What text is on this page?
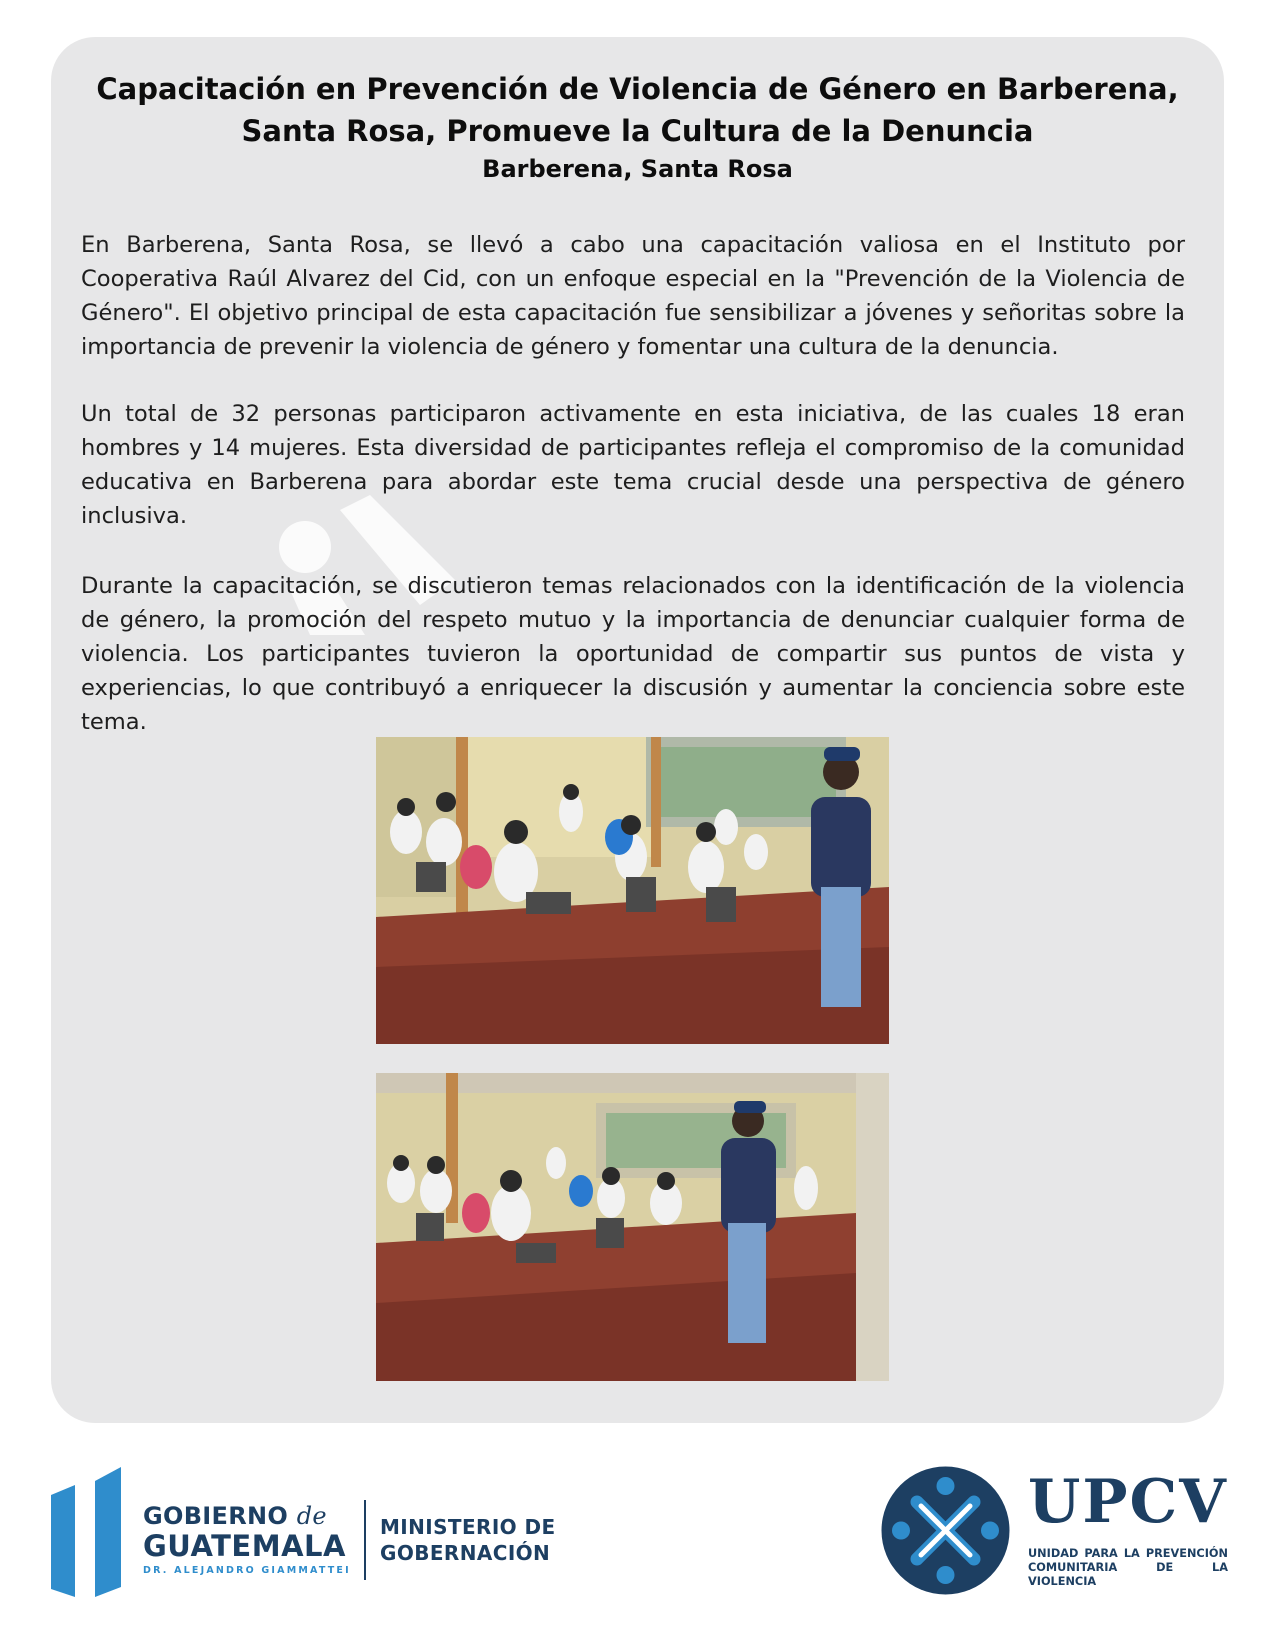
Capacitación en Prevención de Violencia de Género en Barberena, Santa Rosa, Promueve la Cultura de la Denuncia
Barberena, Santa Rosa

En Barberena, Santa Rosa, se llevó a cabo una capacitación valiosa en el Instituto por Cooperativa Raúl Alvarez del Cid, con un enfoque especial en la "Prevención de la Violencia de Género". El objetivo principal de esta capacitación fue sensibilizar a jóvenes y señoritas sobre la importancia de prevenir la violencia de género y fomentar una cultura de la denuncia.

Un total de 32 personas participaron activamente en esta iniciativa, de las cuales 18 eran hombres y 14 mujeres. Esta diversidad de participantes refleja el compromiso de la comunidad educativa en Barberena para abordar este tema crucial desde una perspectiva de género inclusiva.

Durante la capacitación, se discutieron temas relacionados con la identificación de la violencia de género, la promoción del respeto mutuo y la importancia de denunciar cualquier forma de violencia. Los participantes tuvieron la oportunidad de compartir sus puntos de vista y experiencias, lo que contribuyó a enriquecer la discusión y aumentar la conciencia sobre este tema.

GOBIERNO de
GUATEMALA
DR. ALEJANDRO GIAMMATTEI
MINISTERIO DE
GOBERNACIÓN
UPCV
UNIDAD PARA LA PREVENCIÓN
COMUNITARIA DE LA VIOLENCIA
